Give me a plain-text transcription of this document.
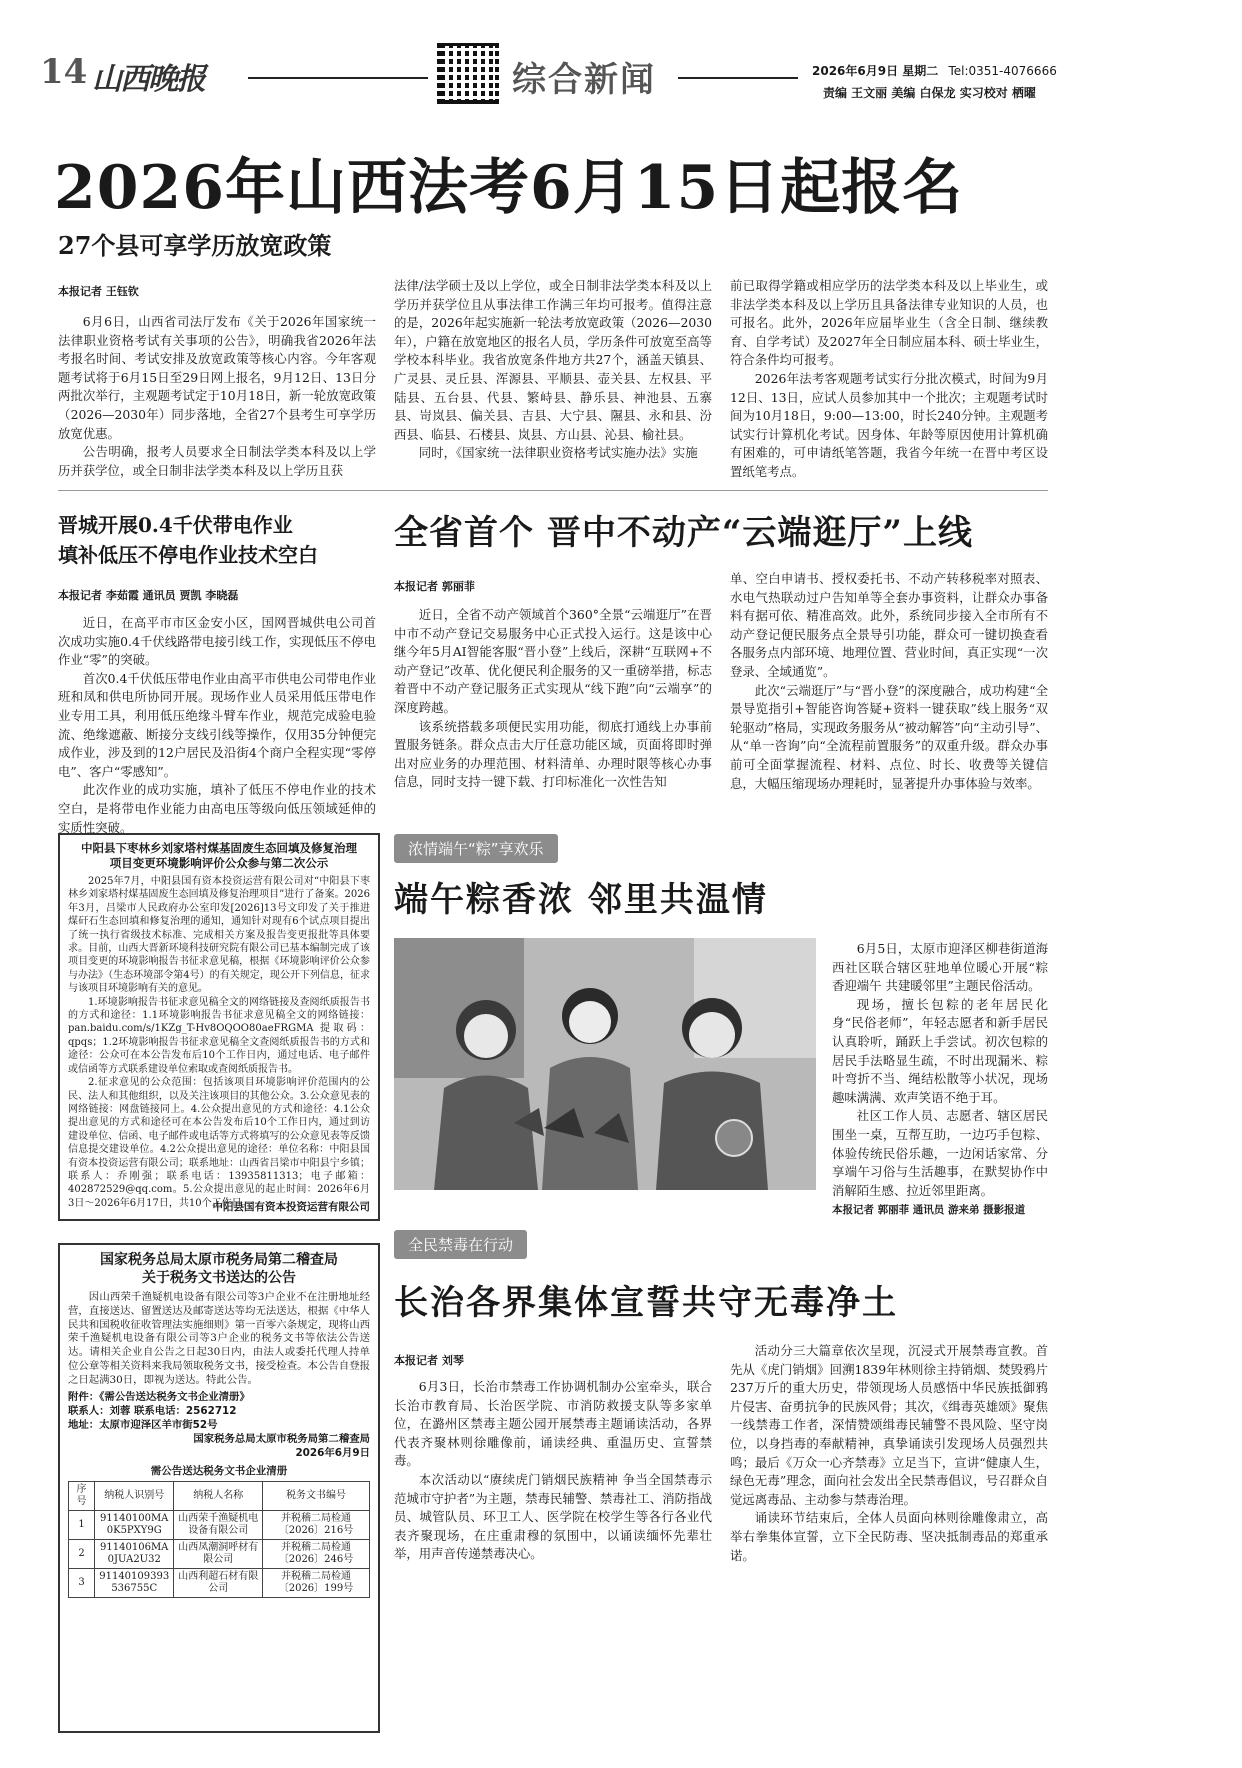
14 山西晚报	综合新闻	2026年6月9日 星期二 Tel:0351-4076666
责编 王文丽 美编 白保龙 实习校对 栖曜
2026年山西法考6月15日起报名
27个县可享学历放宽政策
本报记者 王钰钦

6月6日，山西省司法厅发布《关于2026年国家统一法律职业资格考试有关事项的公告》，明确我省2026年法考报名时间、考试安排及放宽政策等核心内容。今年客观题考试将于6月15日至29日网上报名，9月12日、13日分两批次举行，主观题考试定于10月18日，新一轮放宽政策（2026—2030年）同步落地，全省27个县考生可享学历放宽优惠。

公告明确，报考人员要求全日制法学类本科及以上学历并获学位，或全日制非法学类本科及以上学历且获

法律/法学硕士及以上学位，或全日制非法学类本科及以上学历并获学位且从事法律工作满三年均可报考。值得注意的是，2026年起实施新一轮法考放宽政策（2026—2030年），户籍在放宽地区的报名人员，学历条件可放宽至高等学校本科毕业。我省放宽条件地方共27个，涵盖天镇县、广灵县、灵丘县、浑源县、平顺县、壶关县、左权县、平陆县、五台县、代县、繁峙县、静乐县、神池县、五寨县、岢岚县、偏关县、吉县、大宁县、隰县、永和县、汾西县、临县、石楼县、岚县、方山县、沁县、榆社县。

同时，《国家统一法律职业资格考试实施办法》实施

前已取得学籍或相应学历的法学类本科及以上毕业生，或非法学类本科及以上学历且具备法律专业知识的人员，也可报名。此外，2026年应届毕业生（含全日制、继续教育、自学考试）及2027年全日制应届本科、硕士毕业生，符合条件均可报考。

2026年法考客观题考试实行分批次模式，时间为9月12日、13日，应试人员参加其中一个批次；主观题考试时间为10月18日，9:00—13:00，时长240分钟。主观题考试实行计算机化考试。因身体、年龄等原因使用计算机确有困难的，可申请纸笔答题，我省今年统一在晋中考区设置纸笔考点。

晋城开展0.4千伏带电作业
填补低压不停电作业技术空白
本报记者 李茹霞 通讯员 贾凯 李晓磊

近日，在高平市市区金安小区，国网晋城供电公司首次成功实施0.4千伏线路带电接引线工作，实现低压不停电作业“零”的突破。

首次0.4千伏低压带电作业由高平市供电公司带电作业班和凤和供电所协同开展。现场作业人员采用低压带电作业专用工具，利用低压绝缘斗臂车作业，规范完成验电验流、绝缘遮蔽、断接分支线引线等操作，仅用35分钟便完成作业，涉及到的12户居民及沿街4个商户全程实现“零停电”、客户“零感知”。

此次作业的成功实施，填补了低压不停电作业的技术空白，是将带电作业能力由高电压等级向低压领域延伸的实质性突破。

全省首个 晋中不动产“云端逛厅”上线
本报记者 郭丽菲

近日，全省不动产领域首个360°全景“云端逛厅”在晋中市不动产登记交易服务中心正式投入运行。这是该中心继今年5月AI智能客服“晋小登”上线后，深耕“互联网+不动产登记”改革、优化便民利企服务的又一重磅举措，标志着晋中不动产登记服务正式实现从“线下跑”向“云端享”的深度跨越。

该系统搭载多项便民实用功能，彻底打通线上办事前置服务链条。群众点击大厅任意功能区域，页面将即时弹出对应业务的办理范围、材料清单、办理时限等核心办事信息，同时支持一键下载、打印标准化一次性告知

单、空白申请书、授权委托书、不动产转移税率对照表、水电气热联动过户告知单等全套办事资料，让群众办事备料有据可依、精准高效。此外，系统同步接入全市所有不动产登记便民服务点全景导引功能，群众可一键切换查看各服务点内部环境、地理位置、营业时间，真正实现“一次登录、全域通览”。

此次“云端逛厅”与“晋小登”的深度融合，成功构建“全景导览指引+智能咨询答疑+资料一键获取”线上服务“双轮驱动”格局，实现政务服务从“被动解答”向“主动引导”、从“单一咨询”向“全流程前置服务”的双重升级。群众办事前可全面掌握流程、材料、点位、时长、收费等关键信息，大幅压缩现场办理耗时，显著提升办事体验与效率。

中阳县下枣林乡刘家塔村煤基固废生态回填及修复治理
项目变更环境影响评价公众参与第二次公示

2025年7月，中阳县国有资本投资运营有限公司对“中阳县下枣林乡刘家塔村煤基固废生态回填及修复治理项目”进行了备案。2026年3月，吕梁市人民政府办公室印发[2026]13号文印发了关于推进煤矸石生态回填和修复治理的通知，通知针对现有6个试点项目提出了统一执行省级技术标准、完成相关方案及报告变更报批等具体要求。目前，山西大晋新环境科技研究院有限公司已基本编制完成了该项目变更的环境影响报告书征求意见稿，根据《环境影响评价公众参与办法》（生态环境部令第4号）的有关规定，现公开下列信息，征求与该项目环境影响有关的意见。

1.环境影响报告书征求意见稿全文的网络链接及查阅纸质报告书的方式和途径：1.1环境影响报告书征求意见稿全文的网络链接：pan.baidu.com/s/1KZg_T-Hv8OQOO80aeFRGMA 提取码：qpqs；1.2环境影响报告书征求意见稿全文查阅纸质报告书的方式和途径：公众可在本公告发布后10个工作日内，通过电话、电子邮件或信函等方式联系建设单位索取或查阅纸质报告书。

2.征求意见的公众范围：包括该项目环境影响评价范围内的公民、法人和其他组织，以及关注该项目的其他公众。3.公众意见表的网络链接：网盘链接同上。4.公众提出意见的方式和途径：4.1公众提出意见的方式和途径可在本公告发布后10个工作日内，通过到访建设单位、信函、电子邮件或电话等方式将填写的公众意见表等反馈信息提交建设单位。4.2公众提出意见的途径：单位名称：中阳县国有资本投资运营有限公司；联系地址：山西省吕梁市中阳县宁乡镇；联系人：乔刚强；联系电话：13935811313；电子邮箱：402872529@qq.com。5.公众提出意见的起止时间：2026年6月3日～2026年6月17日，共10个工作日。

中阳县国有资本投资运营有限公司
国家税务总局太原市税务局第二稽查局
关于税务文书送达的公告

因山西荣千渔疑机电设备有限公司等3户企业不在注册地址经营，直接送达、留置送达及邮寄送达等均无法送达，根据《中华人民共和国税收征收管理法实施细则》第一百零六条规定，现将山西荣千渔疑机电设备有限公司等3户企业的税务文书等依法公告送达。请相关企业自公告之日起30日内，由法人或委托代理人持单位公章等相关资料来我局领取税务文书，接受检查。本公告自登报之日起满30日，即视为送达。特此公告。

附件：《需公告送达税务文书企业清册》
联系人：刘蓉 联系电话：2562712
地址：太原市迎泽区羊市街52号
国家税务总局太原市税务局第二稽查局
2026年6月9日
需公告送达税务文书企业清册
序号	纳税人识别号	纳税人名称	税务文书编号
1	91140100MA0K5PXY9G	山西荣千渔疑机电设备有限公司	并税稽二局检通〔2026〕216号
2	91140106MA0JUA2U32	山西凤潮洞呼材有限公司	并税稽二局检通〔2026〕246号
3	91140109393536755C	山西利超石材有限公司	并税稽二局检通〔2026〕199号
浓情端午“粽”享欢乐
端午粽香浓 邻里共温情

6月5日，太原市迎泽区柳巷街道海西社区联合辖区驻地单位暖心开展“粽香迎端午 共建暖邻里”主题民俗活动。

现场，擅长包粽的老年居民化身“民俗老师”，年轻志愿者和新手居民认真聆听，踊跃上手尝试。初次包粽的居民手法略显生疏，不时出现漏米、粽叶弯折不当、绳结松散等小状况，现场趣味满满、欢声笑语不绝于耳。

社区工作人员、志愿者、辖区居民围坐一桌，互帮互助，一边巧手包粽、体验传统民俗乐趣，一边闲话家常、分享端午习俗与生活趣事，在默契协作中消解陌生感、拉近邻里距离。

本报记者 郭丽菲 通讯员 游来弟 摄影报道
全民禁毒在行动
长治各界集体宣誓共守无毒净土
本报记者 刘琴

6月3日，长治市禁毒工作协调机制办公室牵头，联合长治市教育局、长治医学院、市消防救援支队等多家单位，在潞州区禁毒主题公园开展禁毒主题诵读活动，各界代表齐聚林则徐雕像前，诵读经典、重温历史、宣誓禁毒。

本次活动以“赓续虎门销烟民族精神 争当全国禁毒示范城市守护者”为主题，禁毒民辅警、禁毒社工、消防指战员、城管队员、环卫工人、医学院在校学生等各行各业代表齐聚现场，在庄重肃穆的氛围中，以诵读缅怀先辈壮举，用声音传递禁毒决心。

活动分三大篇章依次呈现，沉浸式开展禁毒宣教。首先从《虎门销烟》回溯1839年林则徐主持销烟、焚毁鸦片237万斤的重大历史，带领现场人员感悟中华民族抵御鸦片侵害、奋勇抗争的民族风骨；其次，《缉毒英雄颂》聚焦一线禁毒工作者，深情赞颂缉毒民辅警不畏风险、坚守岗位，以身挡毒的奉献精神，真挚诵读引发现场人员强烈共鸣；最后《万众一心齐禁毒》立足当下，宣讲“健康人生，绿色无毒”理念，面向社会发出全民禁毒倡议，号召群众自觉远离毒品、主动参与禁毒治理。

诵读环节结束后，全体人员面向林则徐雕像肃立，高举右拳集体宣誓，立下全民防毒、坚决抵制毒品的郑重承诺。
